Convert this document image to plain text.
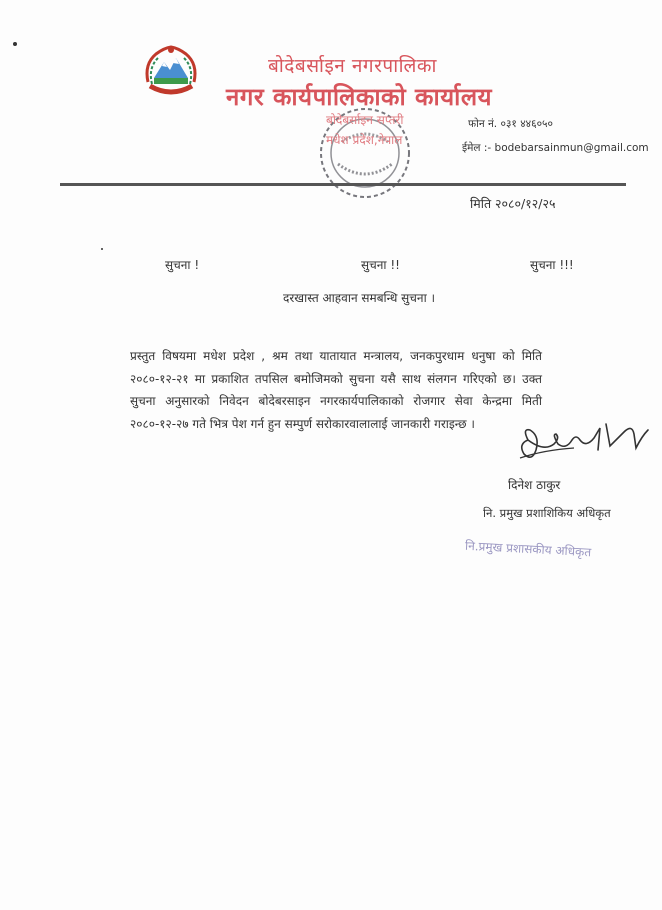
बोदेबर्साइन नगरपालिका
नगर कार्यपालिकाको कार्यालय
बोदेबर्साइन सप्तरी
मधेश प्रदेश,नेपाल
फोन नं. ०३१ ४४६०५०
ईमेल :- bodebarsainmun@gmail.com
मिति २०८०/१२/२५
सुचना !	सुचना !!	सुचना !!!
दरखास्त आहवान समबन्धि सुचना ।
प्रस्तुत विषयमा मधेश प्रदेश , श्रम तथा यातायात मन्त्रालय, जनकपुरधाम धनुषा को मिति २०८०-१२-२१ मा प्रकाशित तपसिल बमोजिमको सुचना यसै साथ संलगन गरिएको छ। उक्त सुचना अनुसारको निवेदन बोदेबरसाइन नगरकार्यपालिकाको रोजगार सेवा केन्द्रमा मिती २०८०-१२-२७ गते भित्र पेश गर्न हुन सम्पुर्ण सरोकारवालालाई जानकारी गराइन्छ ।
दिनेश ठाकुर
नि. प्रमुख प्रशाशिकिय अधिकृत
नि.प्रमुख प्रशासकीय अधिकृत
